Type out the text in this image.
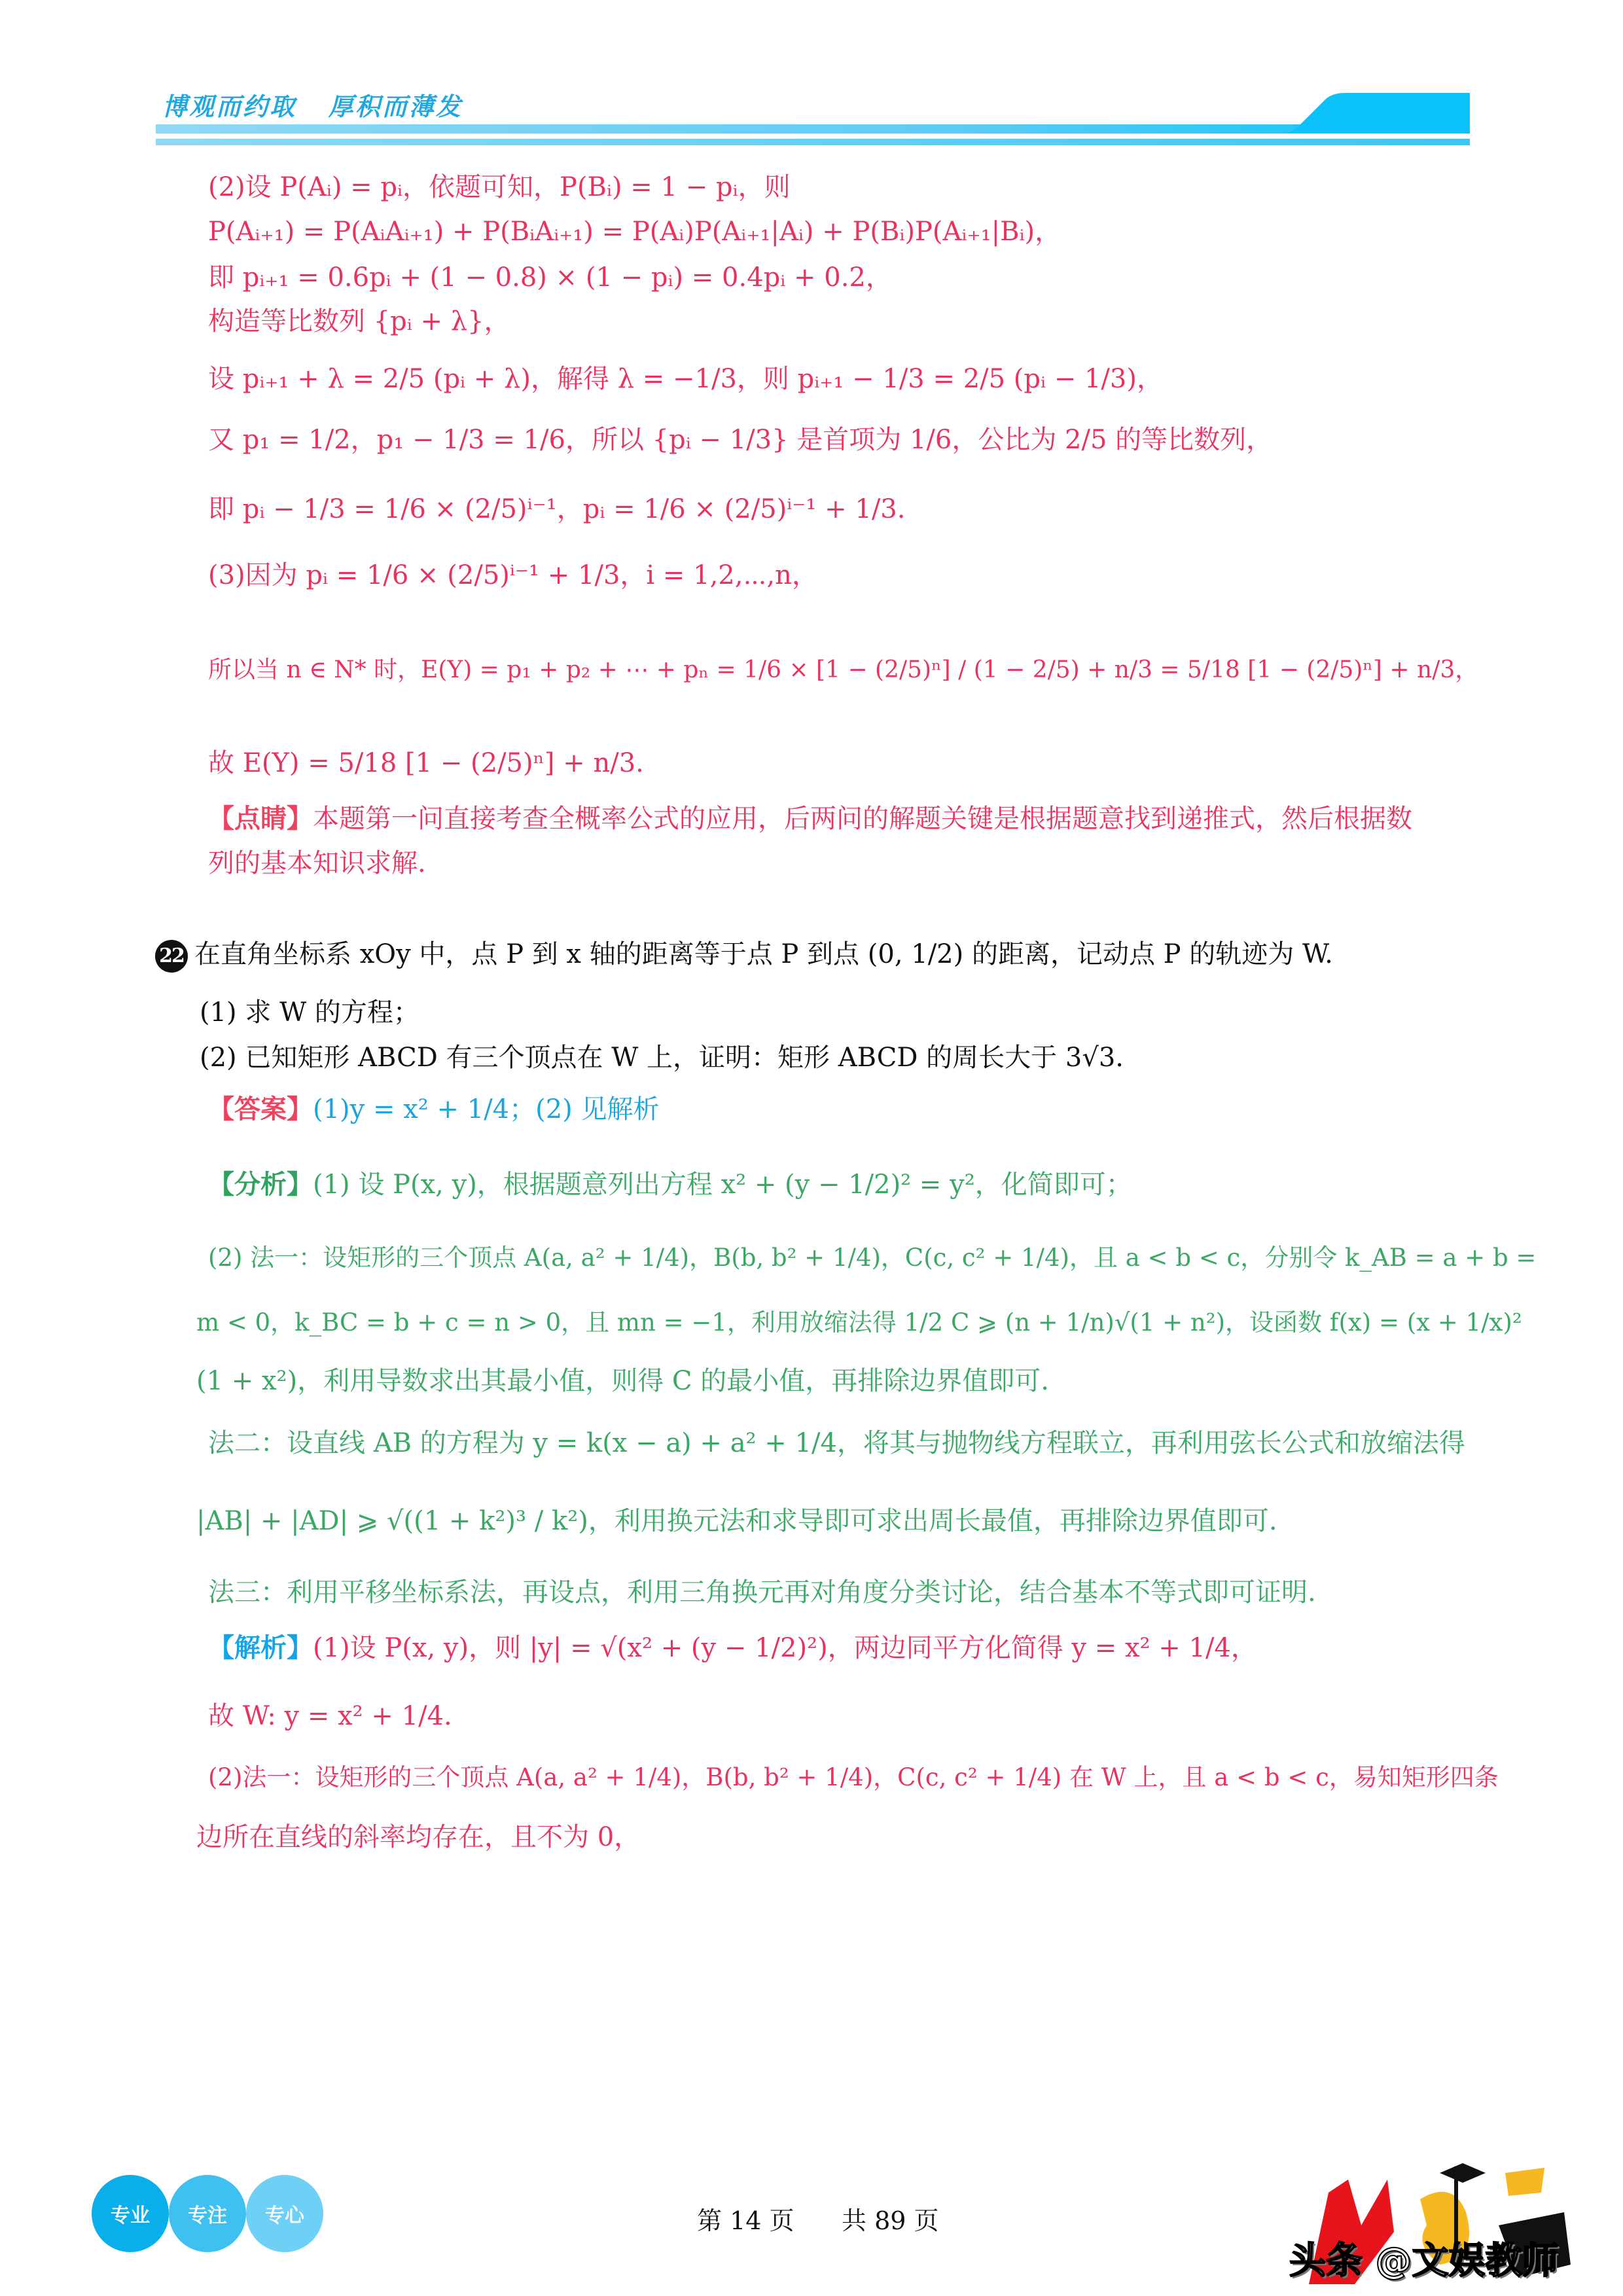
博观而约取   厚积而薄发
(2)设 P(Aᵢ) = pᵢ，依题可知，P(Bᵢ) = 1 − pᵢ，则
P(Aᵢ₊₁) = P(AᵢAᵢ₊₁) + P(BᵢAᵢ₊₁) = P(Aᵢ)P(Aᵢ₊₁|Aᵢ) + P(Bᵢ)P(Aᵢ₊₁|Bᵢ)，
即 pᵢ₊₁ = 0.6pᵢ + (1 − 0.8) × (1 − pᵢ) = 0.4pᵢ + 0.2，
构造等比数列 {pᵢ + λ}，
设 pᵢ₊₁ + λ = 2/5 (pᵢ + λ)，解得 λ = −1/3，则 pᵢ₊₁ − 1/3 = 2/5 (pᵢ − 1/3)，
又 p₁ = 1/2，p₁ − 1/3 = 1/6，所以 {pᵢ − 1/3} 是首项为 1/6，公比为 2/5 的等比数列，
即 pᵢ − 1/3 = 1/6 × (2/5)ⁱ⁻¹，pᵢ = 1/6 × (2/5)ⁱ⁻¹ + 1/3.
(3)因为 pᵢ = 1/6 × (2/5)ⁱ⁻¹ + 1/3，i = 1,2,⋯,n，
所以当 n ∈ N* 时，E(Y) = p₁ + p₂ + ⋯ + pₙ = 1/6 × [1 − (2/5)ⁿ] / (1 − 2/5) + n/3 = 5/18 [1 − (2/5)ⁿ] + n/3，
故 E(Y) = 5/18 [1 − (2/5)ⁿ] + n/3.
【点睛】本题第一问直接考查全概率公式的应用，后两问的解题关键是根据题意找到递推式，然后根据数
列的基本知识求解.
22 在直角坐标系 xOy 中，点 P 到 x 轴的距离等于点 P 到点 (0, 1/2) 的距离，记动点 P 的轨迹为 W.
(1) 求 W 的方程；
(2) 已知矩形 ABCD 有三个顶点在 W 上，证明：矩形 ABCD 的周长大于 3√3.
【答案】(1)y = x² + 1/4；(2) 见解析
【分析】(1) 设 P(x, y)，根据题意列出方程 x² + (y − 1/2)² = y²，化简即可；
(2) 法一：设矩形的三个顶点 A(a, a² + 1/4)，B(b, b² + 1/4)，C(c, c² + 1/4)，且 a < b < c，分别令 k_AB = a + b =
m < 0，k_BC = b + c = n > 0，且 mn = −1，利用放缩法得 1/2 C ⩾ (n + 1/n)√(1 + n²)，设函数 f(x) = (x + 1/x)²
(1 + x²)，利用导数求出其最小值，则得 C 的最小值，再排除边界值即可.
法二：设直线 AB 的方程为 y = k(x − a) + a² + 1/4，将其与抛物线方程联立，再利用弦长公式和放缩法得
|AB| + |AD| ⩾ √((1 + k²)³ / k²)，利用换元法和求导即可求出周长最值，再排除边界值即可.
法三：利用平移坐标系法，再设点，利用三角换元再对角度分类讨论，结合基本不等式即可证明.
【解析】(1)设 P(x, y)，则 |y| = √(x² + (y − 1/2)²)，两边同平方化简得 y = x² + 1/4，
故 W: y = x² + 1/4.
(2)法一：设矩形的三个顶点 A(a, a² + 1/4)，B(b, b² + 1/4)，C(c, c² + 1/4) 在 W 上，且 a < b < c，易知矩形四条
边所在直线的斜率均存在，且不为 0，
专业	专注	专心	第 14 页      共 89 页
头条 @文娱教师
